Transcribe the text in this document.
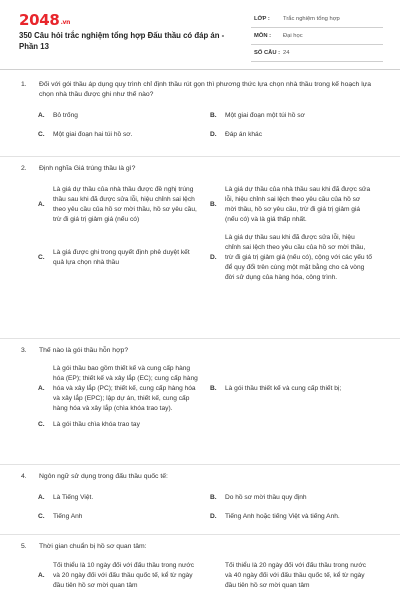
2048.vn
350 Câu hỏi trắc nghiệm tổng hợp Đấu thầu có đáp án - Phần 13
LỚP : Trắc nghiệm tổng hợp
MÔN : Đại học
SỐ CÂU : 24
1. Đối với gói thầu áp dụng quy trình chỉ định thầu rút gọn thì phương thức lựa chọn nhà thầu trong kế hoạch lựa chọn nhà thầu được ghi như thế nào?
A.	Bỏ trống	B.	Một giai đoạn một túi hồ sơ
C.	Một giai đoạn hai túi hồ sơ.	D.	Đáp án khác
2. Định nghĩa Giá trúng thầu là gì?
A.
Là giá dự thầu của nhà thầu được đề nghị trúng thầu sau khi đã được sửa lỗi, hiệu chỉnh sai lệch theo yêu cầu của hồ sơ mời thầu, hồ sơ yêu cầu, trừ đi giá trị giảm giá (nếu có)
B.
Là giá dự thầu của nhà thầu sau khi đã được sửa lỗi, hiệu chỉnh sai lệch theo yêu cầu của hồ sơ mời thầu, hồ sơ yêu cầu, trừ đi giá trị giảm giá (nếu có) và là giá thấp nhất.
C.
Là giá được ghi trong quyết định phê duyệt kết quả lựa chọn nhà thầu
D.
Là giá dự thầu sau khi đã được sửa lỗi, hiệu chỉnh sai lệch theo yêu cầu của hồ sơ mời thầu, trừ đi giá trị giảm giá (nếu có), cộng với các yếu tố để quy đổi trên cùng một mặt bằng cho cả vòng đời sử dụng của hàng hóa, công trình.
3. Thế nào là gói thầu hỗn hợp?
A.
Là gói thầu bao gồm thiết kế và cung cấp hàng hóa (EP); thiết kế và xây lắp (EC); cung cấp hàng hóa và xây lắp (PC); thiết kế, cung cấp hàng hóa và xây lắp (EPC); lập dự án, thiết kế, cung cấp hàng hóa và xây lắp (chìa khóa trao tay).
B.	Là gói thầu thiết kế và cung cấp thiết bị;
C.	Là gói thầu chìa khóa trao tay
4. Ngôn ngữ sử dụng trong đấu thầu quốc tế:
A.	Là Tiếng Việt.	B.	Do hồ sơ mời thầu quy định
C.	Tiếng Anh	D.	Tiếng Anh hoặc tiếng Việt và tiếng Anh.
5. Thời gian chuẩn bị hồ sơ quan tâm:
A.
Tối thiểu là 10 ngày đối với đấu thầu trong nước và 20 ngày đối với đấu thầu quốc tế, kể từ ngày đầu tiên hồ sơ mời quan tâm
Tối thiểu là 20 ngày đối với đấu thầu trong nước và 40 ngày đối với đấu thầu quốc tế, kể từ ngày đầu tiên hồ sơ mời quan tâm
